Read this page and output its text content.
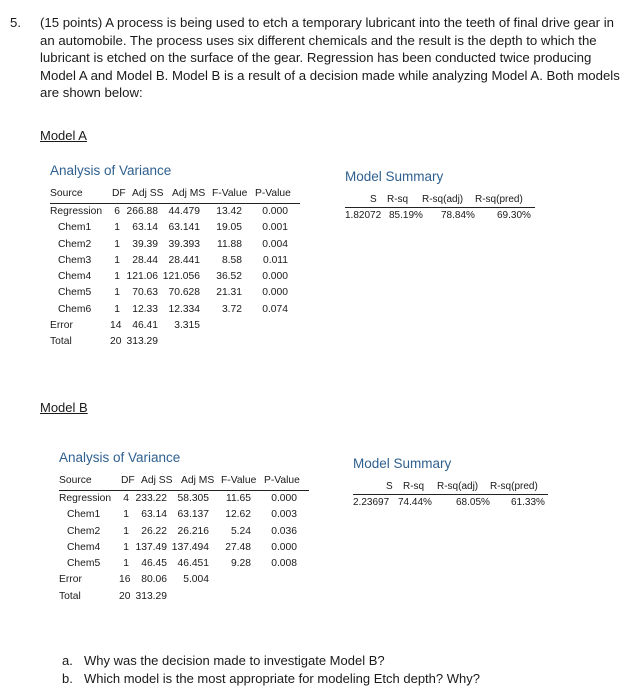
5. (15 points) A process is being used to etch a temporary lubricant into the teeth of final drive gear in an automobile. The process uses six different chemicals and the result is the depth to which the lubricant is etched on the surface of the gear. Regression has been conducted twice producing Model A and Model B. Model B is a result of a decision made while analyzing Model A. Both models are shown below:
Model A
Analysis of Variance
Source	DF Adj SS Adj MS F-Value P-Value
Regression	6 266.88	44.479	13.42	0.000
Chem1	1	63.14	63.141	19.05	0.001
Chem2	1	39.39	39.393	11.88	0.004
Chem3	1	28.44	28.441	8.58	0.011
Chem4	1 121.06 121.056	36.52	0.000
Chem5	1	70.63	70.628	21.31	0.000
Chem6	1	12.33	12.334	3.72	0.074
Error	14	46.41	3.315
Total	20 313.29
Model Summary
S R-sq R-sq(adj) R-sq(pred)
1.82072 85.19% 78.84% 69.30%
Model B
Analysis of Variance
Source	DF Adj SS Adj MS F-Value P-Value
Regression	4 233.22	58.305	11.65	0.000
Chem1	1	63.14	63.137	12.62	0.003
Chem2	1	26.22	26.216	5.24	0.036
Chem4	1 137.49 137.494	27.48	0.000
Chem5	1	46.45	46.451	9.28	0.008
Error	16	80.06	5.004
Total	20 313.29
Model Summary
S R-sq R-sq(adj) R-sq(pred)
2.23697 74.44% 68.05% 61.33%
a. Why was the decision made to investigate Model B?
b. Which model is the most appropriate for modeling Etch depth? Why?
